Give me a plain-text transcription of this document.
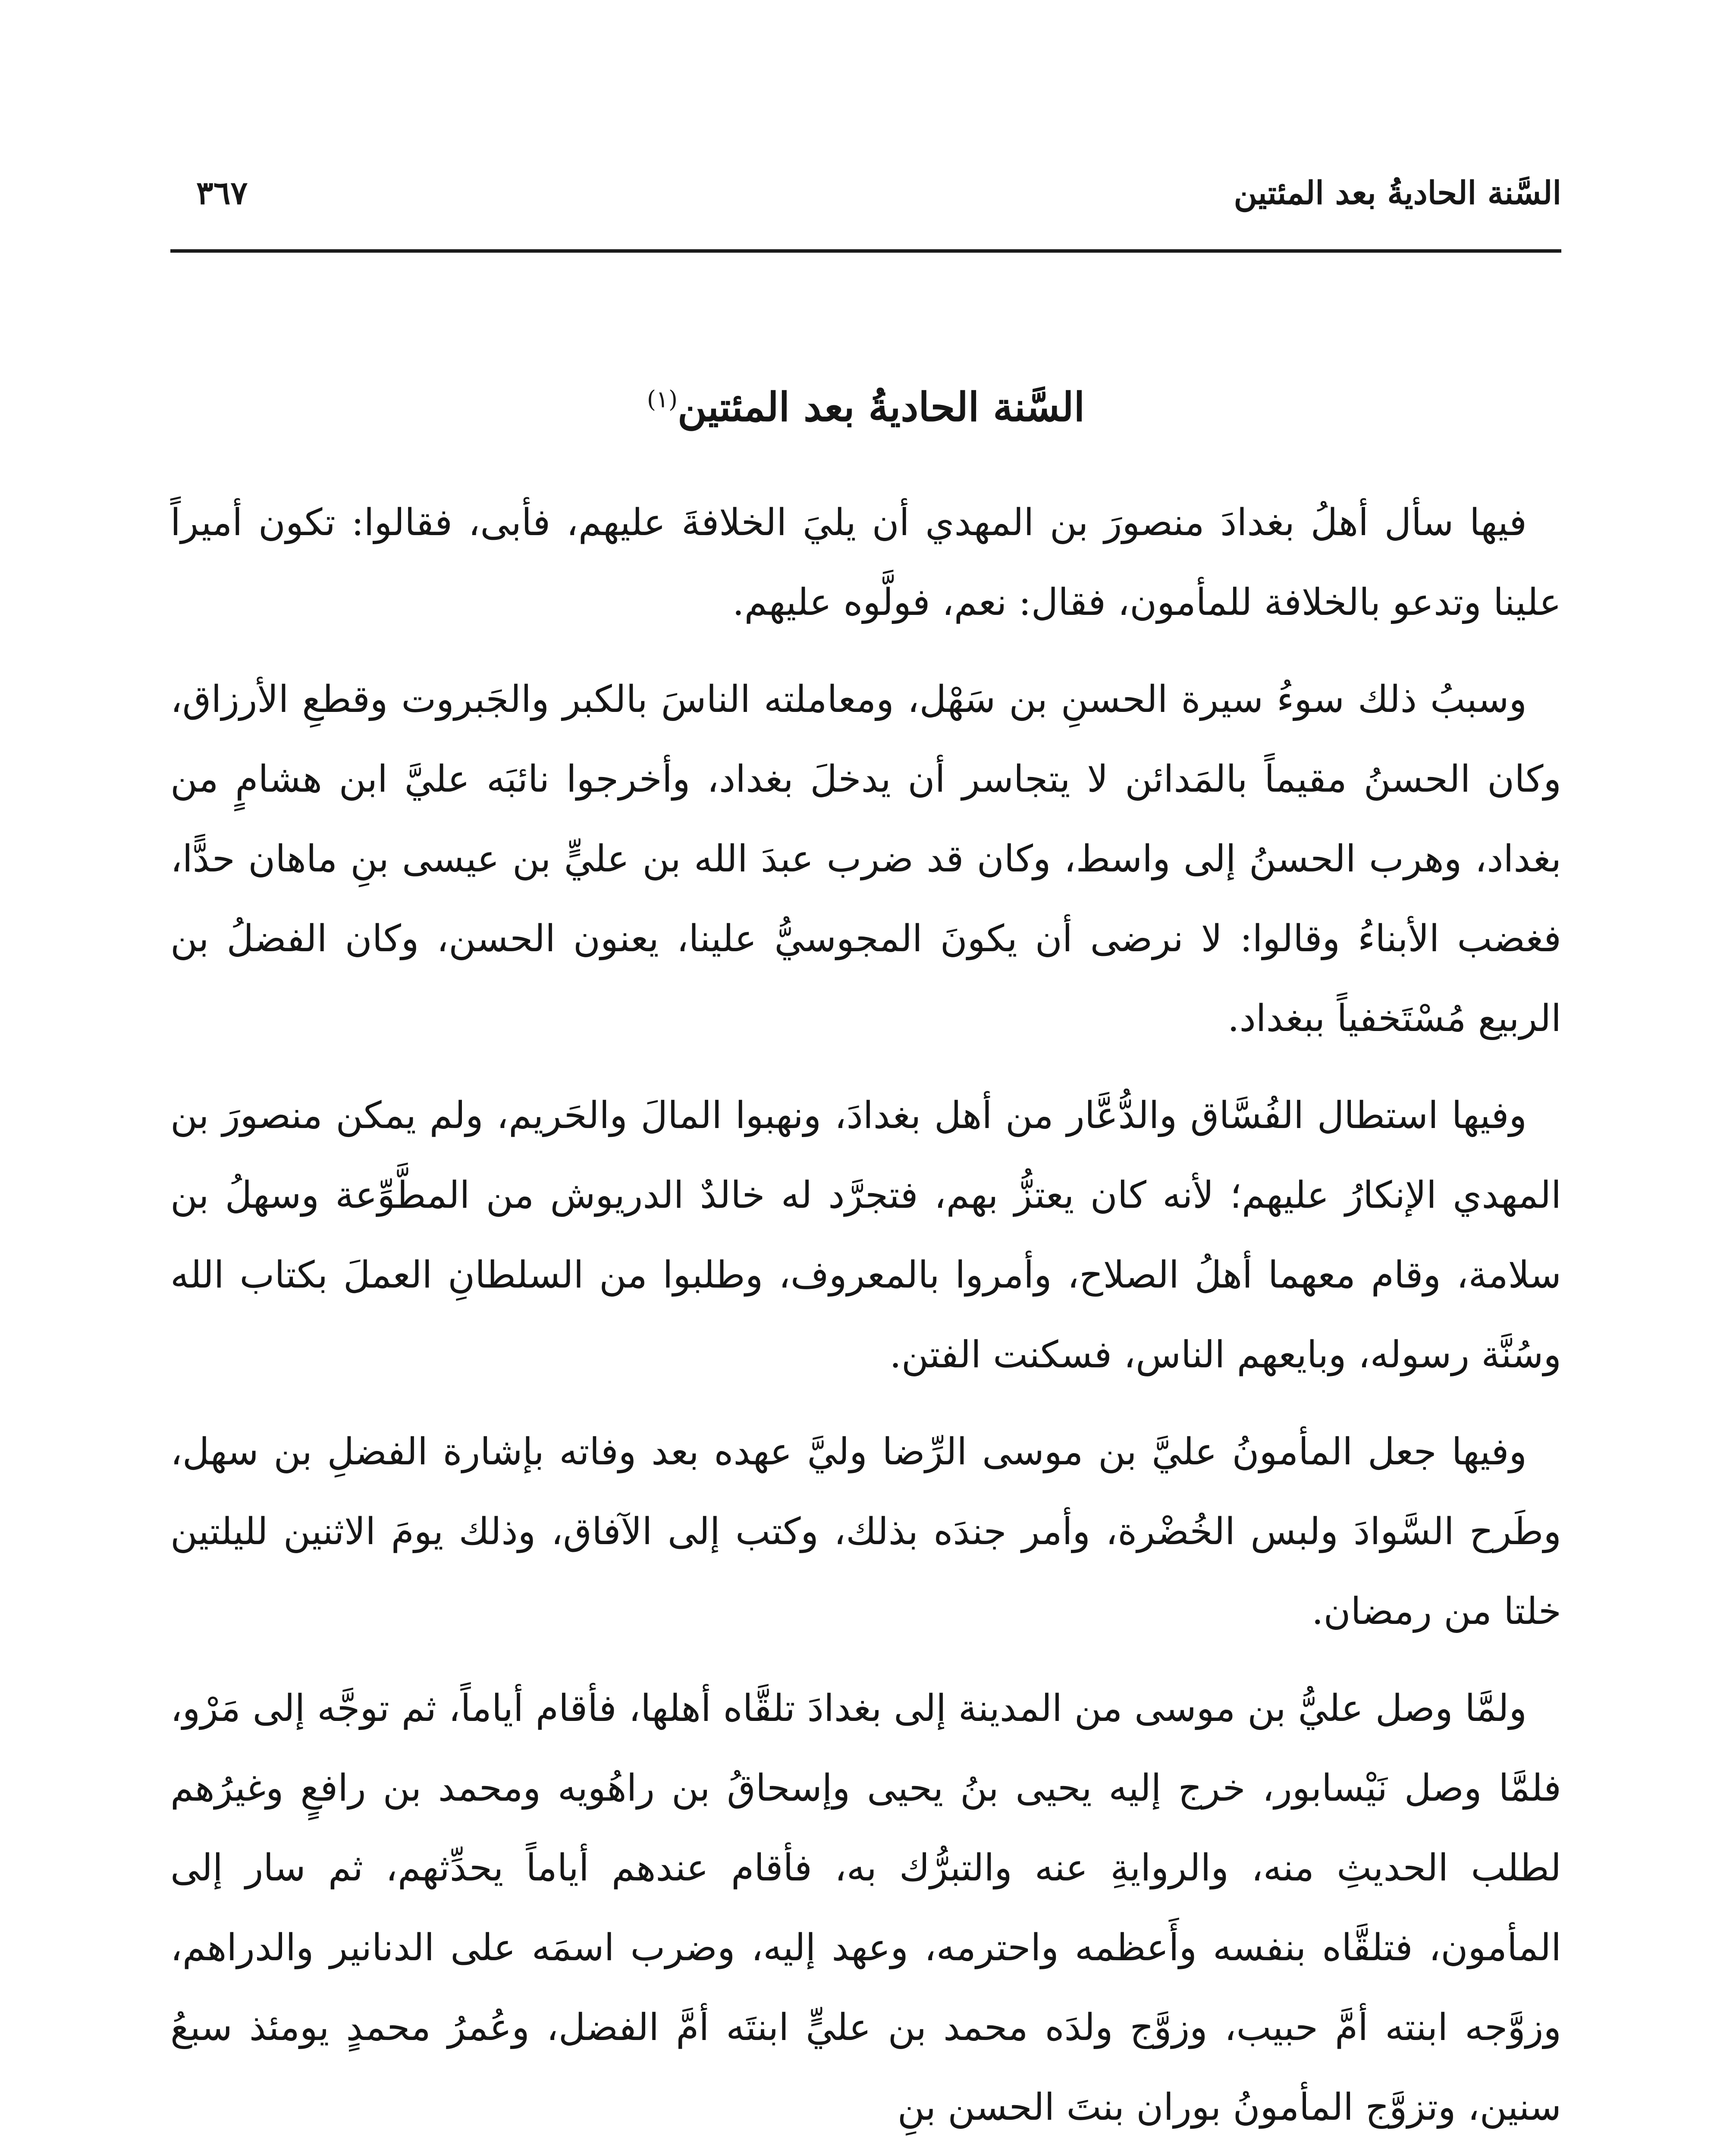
السَّنة الحاديةُ بعد المئتين
٣٦٧
السَّنة الحاديةُ بعد المئتين$^{(١)}$

فيها سأل أهلُ بغدادَ منصورَ بن المهدي أن يليَ الخلافةَ عليهم، فأبى، فقالوا: تكون أميراً علينا وتدعو بالخلافة للمأمون، فقال: نعم، فولَّوه عليهم.

وسببُ ذلك سوءُ سيرة الحسنِ بن سَهْل، ومعاملته الناسَ بالكبر والجَبروت وقطعِ الأرزاق، وكان الحسنُ مقيماً بالمَدائن لا يتجاسر أن يدخلَ بغداد، وأخرجوا نائبَه عليَّ ابن هشامٍ من بغداد، وهرب الحسنُ إلى واسط، وكان قد ضرب عبدَ الله بن عليٍّ بن عيسى بنِ ماهان حدًّا، فغضب الأبناءُ وقالوا: لا نرضى أن يكونَ المجوسيُّ علينا، يعنون الحسن، وكان الفضلُ بن الربيع مُسْتَخفياً ببغداد.

وفيها استطال الفُسَّاق والدُّعَّار من أهل بغدادَ، ونهبوا المالَ والحَريم، ولم يمكن منصورَ بن المهدي الإنكارُ عليهم؛ لأنه كان يعتزُّ بهم، فتجرَّد له خالدٌ الدريوش من المطَّوِّعة وسهلُ بن سلامة، وقام معهما أهلُ الصلاح، وأمروا بالمعروف، وطلبوا من السلطانِ العملَ بكتاب الله وسُنَّة رسوله، وبايعهم الناس، فسكنت الفتن.

وفيها جعل المأمونُ عليَّ بن موسى الرِّضا وليَّ عهده بعد وفاته بإشارة الفضلِ بن سهل، وطَرح السَّوادَ ولبس الخُضْرة، وأمر جندَه بذلك، وكتب إلى الآفاق، وذلك يومَ الاثنين لليلتين خلتا من رمضان.

ولمَّا وصل عليُّ بن موسى من المدينة إلى بغدادَ تلقَّاه أهلها، فأقام أياماً، ثم توجَّه إلى مَرْو، فلمَّا وصل نَيْسابور، خرج إليه يحيى بنُ يحيى وإسحاقُ بن راهُويه ومحمد بن رافعٍ وغيرُهم لطلب الحديثِ منه، والروايةِ عنه والتبرُّك به، فأقام عندهم أياماً يحدِّثهم، ثم سار إلى المأمون، فتلقَّاه بنفسه وأَعظمه واحترمه، وعهد إليه، وضرب اسمَه على الدنانير والدراهم، وزوَّجه ابنته أمَّ حبيب، وزوَّج ولدَه محمد بن عليٍّ ابنتَه أمَّ الفضل، وعُمرُ محمدٍ يومئذ سبعُ سنين، وتزوَّج المأمونُ بوران بنتَ الحسن بنِ
